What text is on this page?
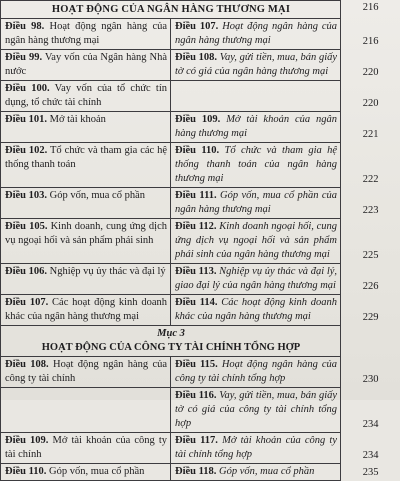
HOẠT ĐỘNG CỦA NGÂN HÀNG THƯƠNG MẠI		216
Điều 98. Hoạt động ngân hàng của ngân hàng thương mại	Điều 107. Hoạt động ngân hàng của ngân hàng thương mại	216
Điều 99. Vay vốn của Ngân hàng Nhà nước	Điều 108. Vay, gửi tiền, mua, bán giấy tờ có giá của ngân hàng thương mại	220
Điều 100. Vay vốn của tổ chức tín dụng, tổ chức tài chính		220
Điều 101. Mở tài khoản	Điều 109. Mở tài khoản của ngân hàng thương mại	221
Điều 102. Tổ chức và tham gia các hệ thống thanh toán	Điều 110. Tổ chức và tham gia hệ thống thanh toán của ngân hàng thương mại	222
Điều 103. Góp vốn, mua cổ phần	Điều 111. Góp vốn, mua cổ phần của ngân hàng thương mại	223
Điều 105. Kinh doanh, cung ứng dịch vụ ngoại hối và sản phẩm phái sinh	Điều 112. Kinh doanh ngoại hối, cung ứng dịch vụ ngoại hối và sản phẩm phái sinh của ngân hàng thương mại	225
Điều 106. Nghiệp vụ ủy thác và đại lý	Điều 113. Nghiệp vụ ủy thác và đại lý, giao đại lý của ngân hàng thương mại	226
Điều 107. Các hoạt động kinh doanh khác của ngân hàng thương mại	Điều 114. Các hoạt động kinh doanh khác của ngân hàng thương mại	229

Mục 3
HOẠT ĐỘNG CỦA CÔNG TY TÀI CHÍNH TỔNG HỢP		

Điều 108. Hoạt động ngân hàng của công ty tài chính	Điều 115. Hoạt động ngân hàng của công ty tài chính tổng hợp	230
	Điều 116. Vay, gửi tiền, mua, bán giấy tờ có giá của công ty tài chính tổng hợp	234
Điều 109. Mở tài khoản của công ty tài chính	Điều 117. Mở tài khoản của công ty tài chính tổng hợp	234
Điều 110. Góp vốn, mua cổ phần	Điều 118. Góp vốn, mua cổ phần	235
